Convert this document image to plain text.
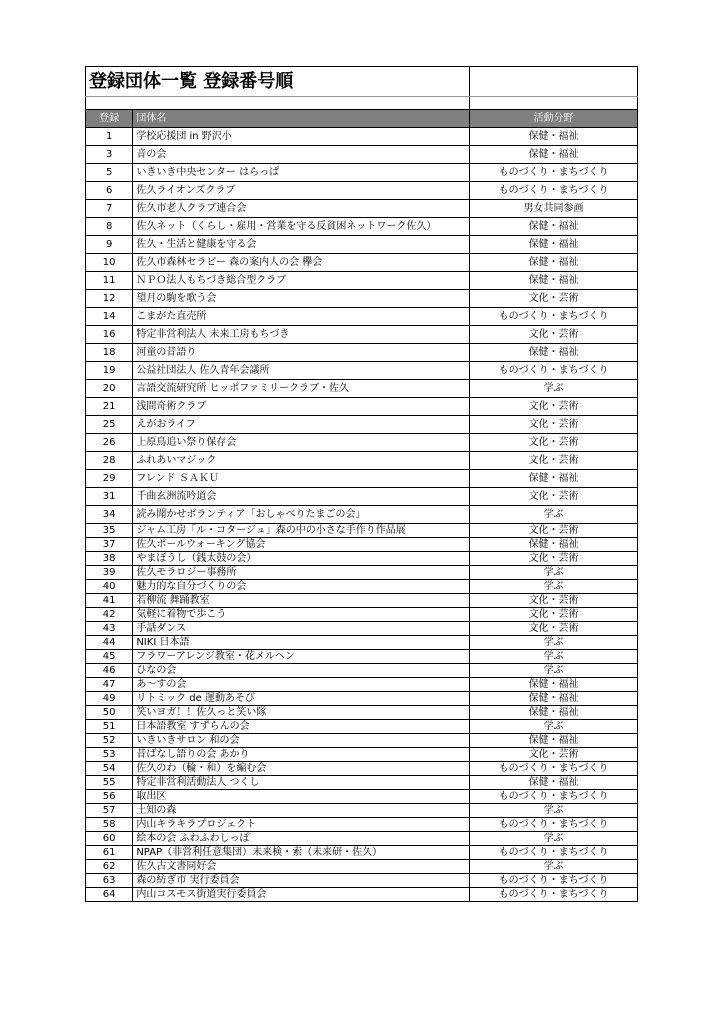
登録団体一覧 登録番号順		

登録	団体名	活動分野
1	学校応援団 in 野沢小	保健・福祉
3	音の会	保健・福祉
5	いきいき中央センター はらっぱ	ものづくり・まちづくり
6	佐久ライオンズクラブ	ものづくり・まちづくり
7	佐久市老人クラブ連合会	男女共同参画
8	佐久ネット（くらし・雇用・営業を守る反貧困ネットワーク佐久）	保健・福祉
9	佐久・生活と健康を守る会	保健・福祉
10	佐久市森林セラピー 森の案内人の会 欅会	保健・福祉
11	ＮＰＯ法人もちづき総合型クラブ	保健・福祉
12	望月の駒を歌う会	文化・芸術
14	こまがた直売所	ものづくり・まちづくり
16	特定非営利法人 未来工房もちづき	文化・芸術
18	河童の昔語り	保健・福祉
19	公益社団法人 佐久青年会議所	ものづくり・まちづくり
20	言語交流研究所 ヒッポファミリークラブ・佐久	学ぶ
21	浅間奇術クラブ	文化・芸術
25	えがおライフ	文化・芸術
26	上原鳥追い祭り保存会	文化・芸術
28	ふれあいマジック	文化・芸術
29	フレンド ＳＡＫＵ	保健・福祉
31	千曲玄洲流吟道会	文化・芸術
34	読み聞かせボランティア「おしゃべりたまごの会」	学ぶ
35	ジャム工房「ル・コタージュ」森の中の小さな手作り作品展	文化・芸術
37	佐久ポールウォーキング協会	保健・福祉
38	やまぼうし（銭太鼓の会）	文化・芸術
39	佐久モラロジー事務所	学ぶ
40	魅力的な自分づくりの会	学ぶ
41	若柳流 舞踊教室	文化・芸術
42	気軽に着物で歩こう	文化・芸術
43	手話ダンス	文化・芸術
44	NIKI 日本語	学ぶ
45	フラワーアレンジ教室・花メルヘン	学ぶ
46	ひなの会	学ぶ
47	あ～すの会	保健・福祉
49	リトミック de 運動あそび	保健・福祉
50	笑いヨガ！！佐久っと笑い隊	保健・福祉
51	日本語教室 すずらんの会	学ぶ
52	いきいきサロン 和の会	保健・福祉
53	昔ばなし語りの会 あかり	文化・芸術
54	佐久のわ（輪・和）を編む会	ものづくり・まちづくり
55	特定非営利活動法人 つくし	保健・福祉
56	取出区	ものづくり・まちづくり
57	土知の森	学ぶ
58	内山キラキラプロジェクト	ものづくり・まちづくり
60	絵本の会 ふわふわしっぽ	学ぶ
61	NPAP（非営利任意集団）未来検・索（未来研・佐久）	ものづくり・まちづくり
62	佐久古文書同好会	学ぶ
63	森の紡ぎ市 実行委員会	ものづくり・まちづくり
64	内山コスモス街道実行委員会	ものづくり・まちづくり
